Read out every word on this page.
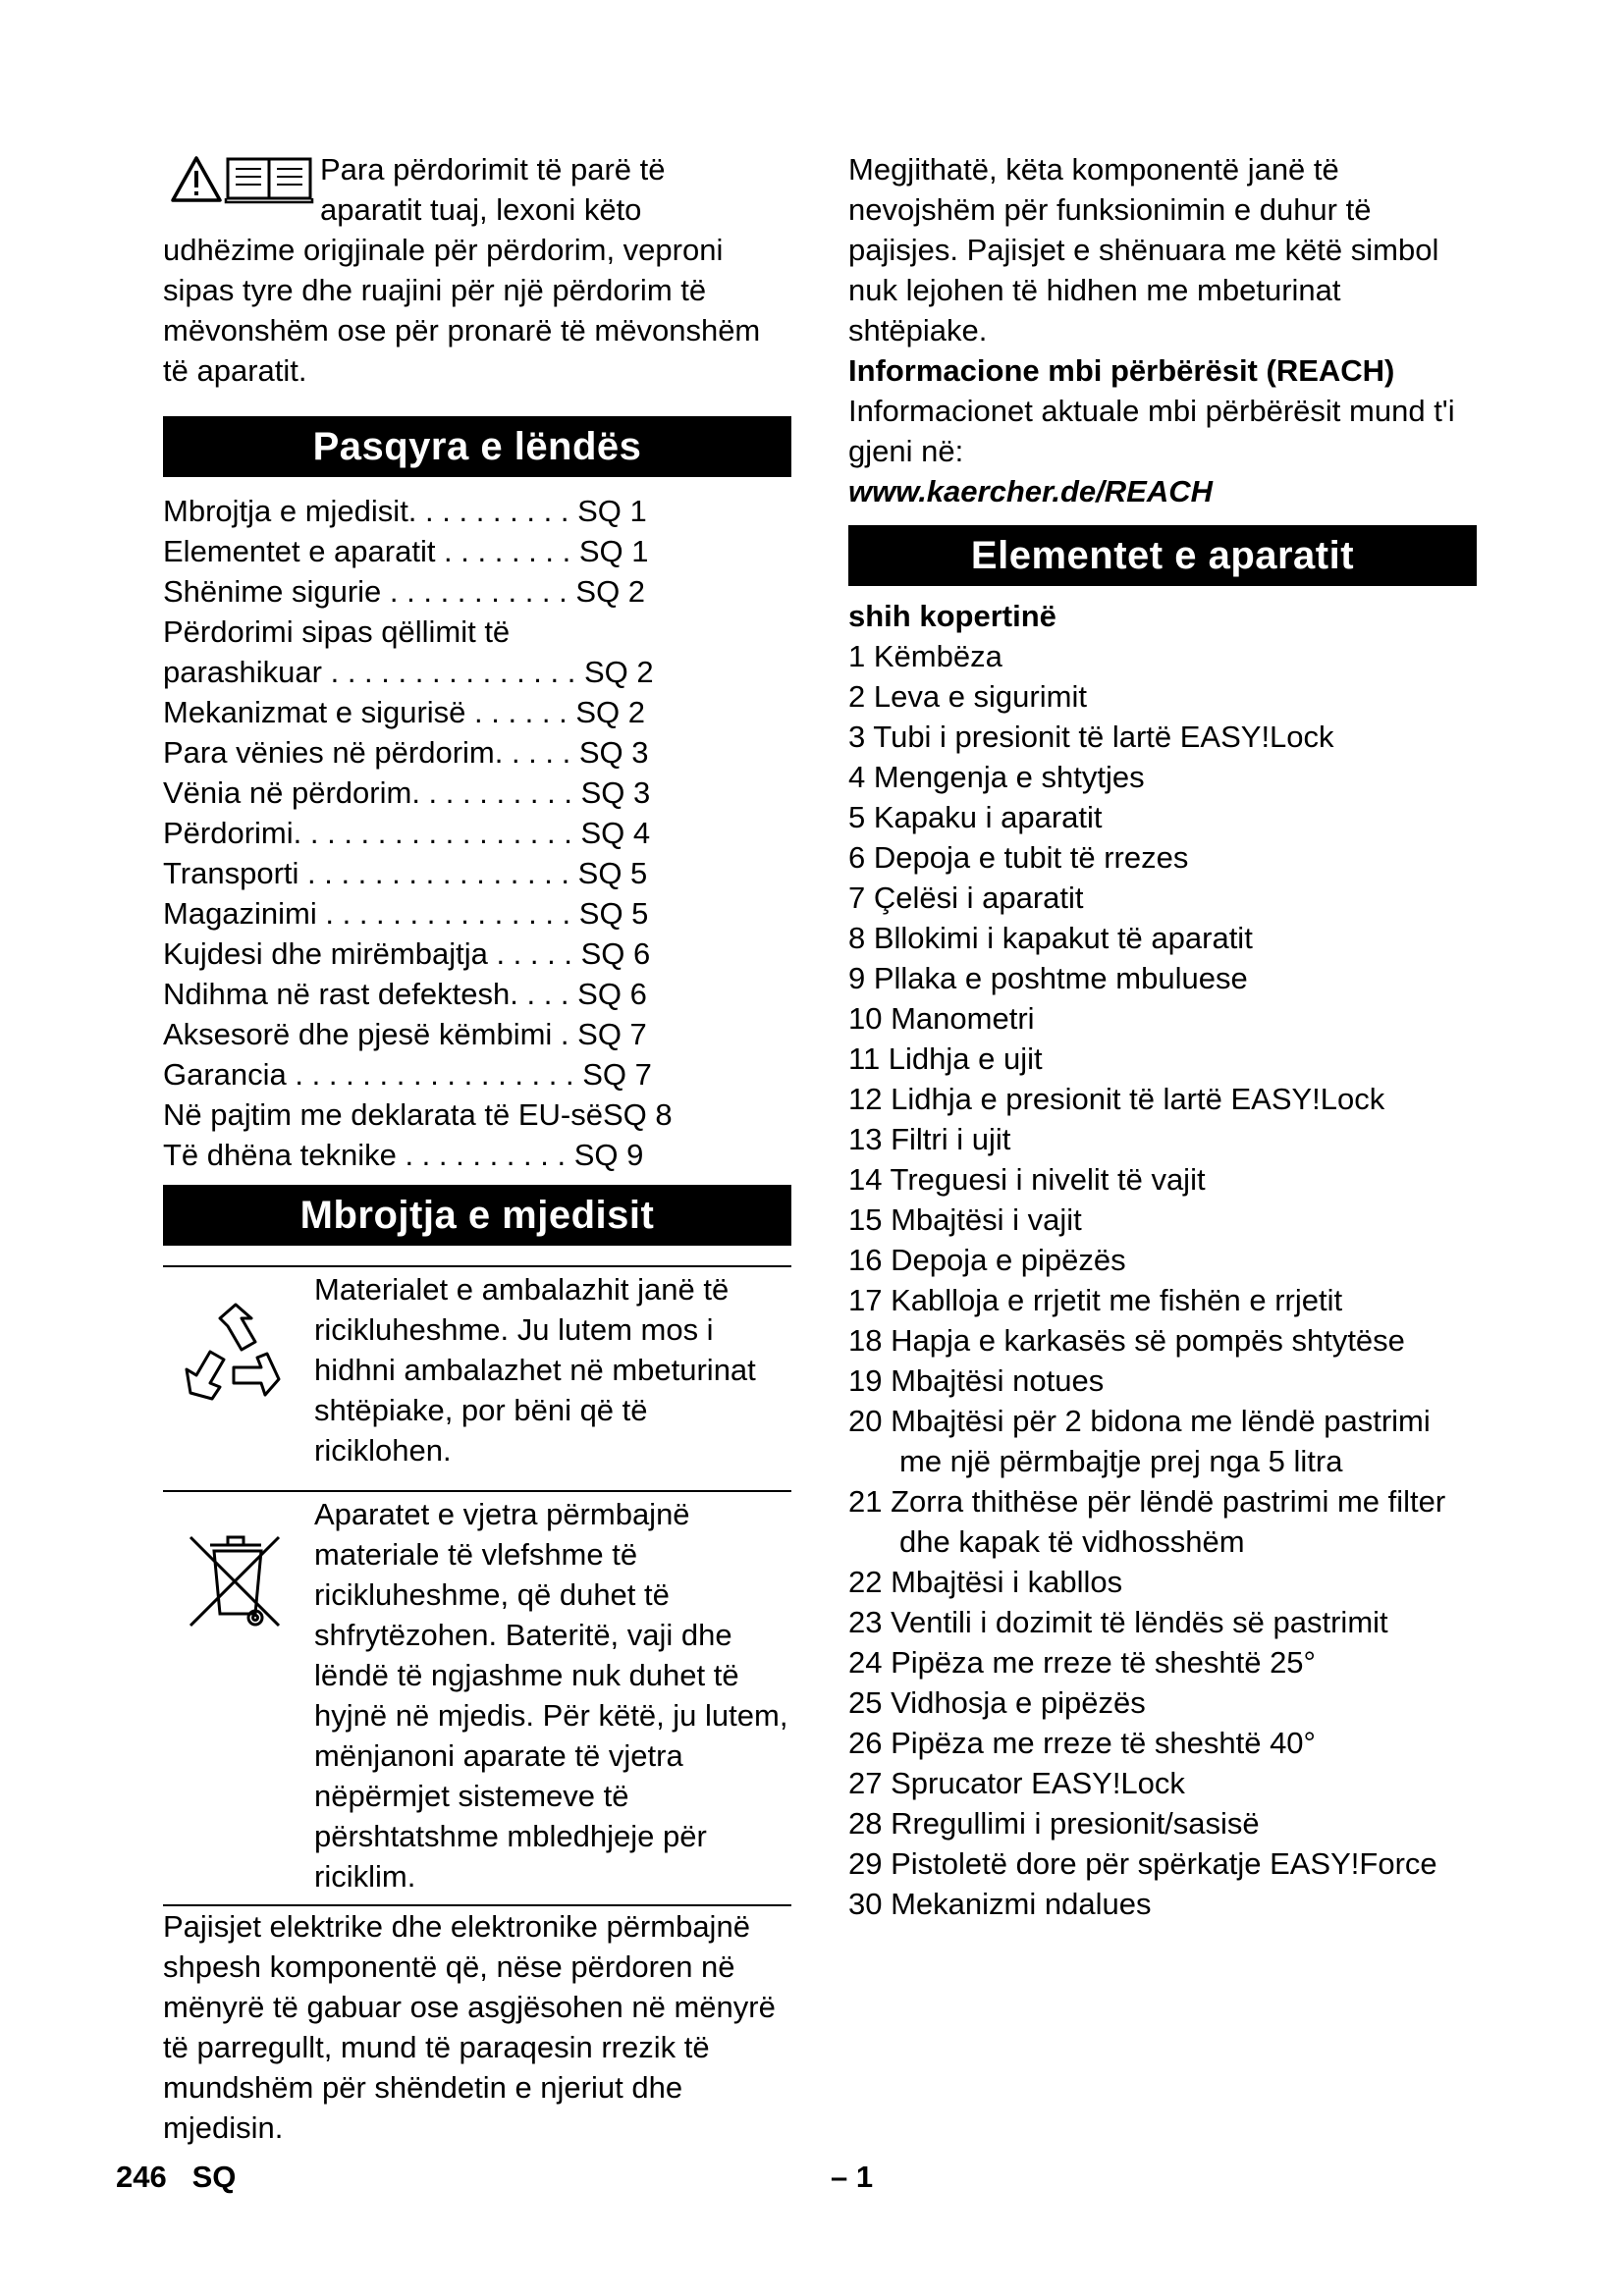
Para përdorimit të parë të

aparatit tuaj, lexoni këto

udhëzime origjinale për përdorim, veproni sipas tyre dhe ruajini për një përdorim të mëvonshëm ose për pronarë të mëvonshëm të aparatit.

Pasqyra e lëndës
Mbrojtja e mjedisit. . . . . . . . . . SQ 1
Elementet e aparatit . . . . . . . . SQ 1
Shënime sigurie . . . . . . . . . . . SQ 2
Përdorimi sipas qëllimit të
parashikuar . . . . . . . . . . . . . . . SQ 2
Mekanizmat e sigurisë . . . . . . SQ 2
Para vënies në përdorim. . . . . SQ 3
Vënia në përdorim. . . . . . . . . . SQ 3
Përdorimi. . . . . . . . . . . . . . . . . SQ 4
Transporti . . . . . . . . . . . . . . . . SQ 5
Magazinimi . . . . . . . . . . . . . . . SQ 5
Kujdesi dhe mirëmbajtja . . . . . SQ 6
Ndihma në rast defektesh. . . . SQ 6
Aksesorë dhe pjesë këmbimi . SQ 7
Garancia . . . . . . . . . . . . . . . . . SQ 7
Në pajtim me deklarata të EU-sëSQ 8
Të dhëna teknike . . . . . . . . . . SQ 9
Mbrojtja e mjedisit
Materialet e ambalazhit janë të ricikluheshme. Ju lutem mos i hidhni ambalazhet në mbeturinat shtëpiake, por bëni që të riciklohen.
Aparatet e vjetra përmbajnë materiale të vlefshme të ricikluheshme, që duhet të shfrytëzohen. Bateritë, vaji dhe lëndë të ngjashme nuk duhet të hyjnë në mjedis. Për këtë, ju lutem, mënjanoni aparate të vjetra nëpërmjet sistemeve të përshtatshme mbledhjeje për riciklim.

Pajisjet elektrike dhe elektronike përmbajnë shpesh komponentë që, nëse përdoren në mënyrë të gabuar ose asgjësohen në mënyrë të parregullt, mund të paraqesin rrezik të mundshëm për shëndetin e njeriut dhe mjedisin.

Megjithatë, këta komponentë janë të nevojshëm për funksionimin e duhur të pajisjes. Pajisjet e shënuara me këtë simbol nuk lejohen të hidhen me mbeturinat shtëpiake.

Informacione mbi përbërësit (REACH)

Informacionet aktuale mbi përbërësit mund t'i gjeni në:

www.kaercher.de/REACH

Elementet e aparatit

shih kopertinë

1 Këmbëza
2 Leva e sigurimit
3 Tubi i presionit të lartë EASY!Lock
4 Mengenja e shtytjes
5 Kapaku i aparatit
6 Depoja e tubit të rrezes
7 Çelësi i aparatit
8 Bllokimi i kapakut të aparatit
9 Pllaka e poshtme mbuluese
10 Manometri
11 Lidhja e ujit
12 Lidhja e presionit të lartë EASY!Lock
13 Filtri i ujit
14 Treguesi i nivelit të vajit
15 Mbajtësi i vajit
16 Depoja e pipëzës
17 Kablloja e rrjetit me fishën e rrjetit
18 Hapja e karkasës së pompës shtytëse
19 Mbajtësi notues
20 Mbajtësi për 2 bidona me lëndë pastrimi me një përmbajtje prej nga 5 litra
21 Zorra thithëse për lëndë pastrimi me filter dhe kapak të vidhosshëm
22 Mbajtësi i kabllos
23 Ventili i dozimit të lëndës së pastrimit
24 Pipëza me rreze të sheshtë 25°
25 Vidhosja e pipëzës
26 Pipëza me rreze të sheshtë 40°
27 Sprucator EASY!Lock
28 Rregullimi i presionit/sasisë
29 Pistoletë dore për spërkatje EASY!Force
30 Mekanizmi ndalues
246 SQ	– 1
